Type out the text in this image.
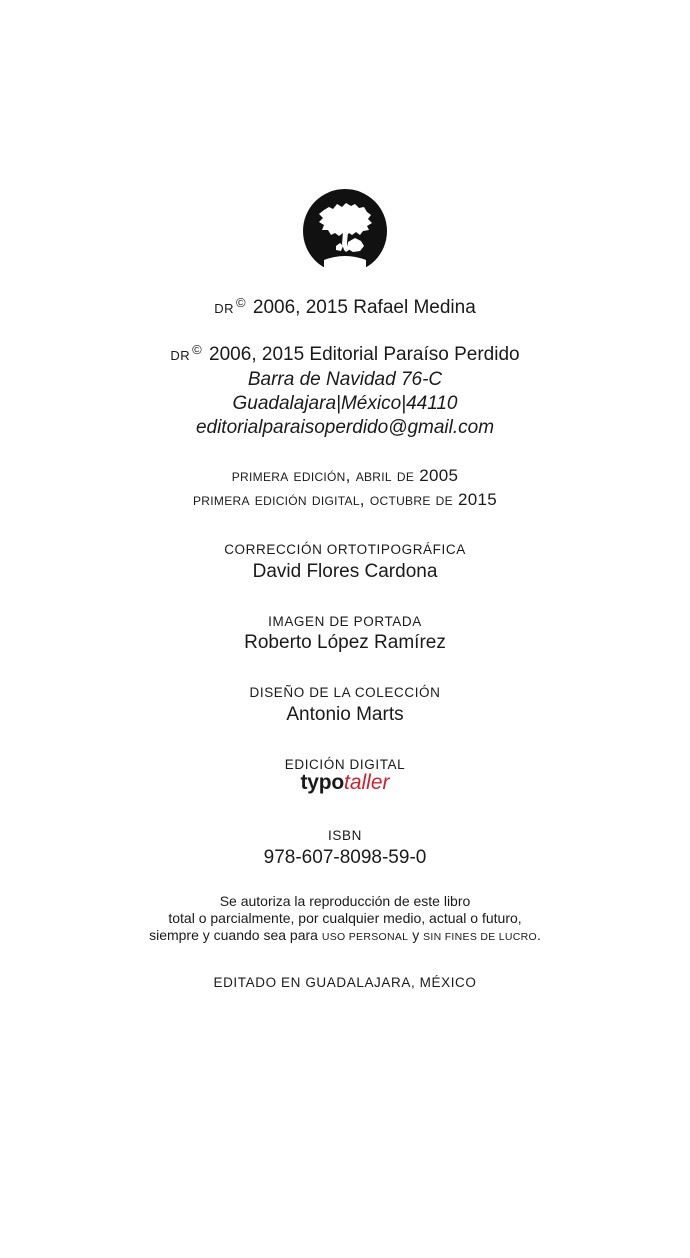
DR © 2006, 2015 Rafael Medina
DR © 2006, 2015 Editorial Paraíso Perdido
Barra de Navidad 76-C
Guadalajara|México|44110
editorialparaisoperdido@gmail.com
primera edición, abril de 2005
primera edición digital, octubre de 2015
CORRECCIÓN ORTOTIPOGRÁFICA
David Flores Cardona
IMAGEN DE PORTADA
Roberto López Ramírez
DISEÑO DE LA COLECCIÓN
Antonio Marts
EDICIÓN DIGITAL
typotaller
ISBN
978-607-8098-59-0
Se autoriza la reproducción de este libro
total o parcialmente, por cualquier medio, actual o futuro,
siempre y cuando sea para USO PERSONAL y SIN FINES DE LUCRO.
EDITADO EN GUADALAJARA, MÉXICO
